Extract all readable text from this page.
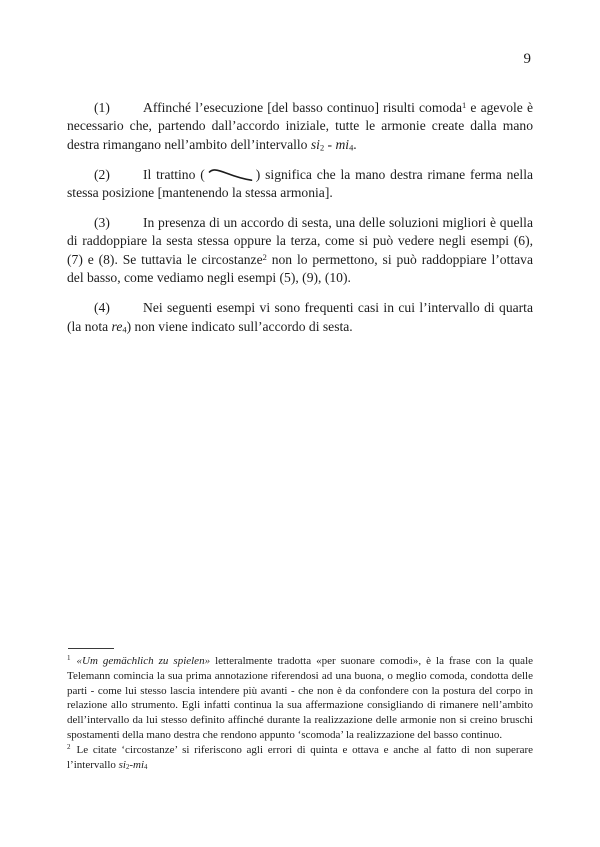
9

(1) Affinché l’esecuzione [del basso continuo] risulti comoda$^1$ e agevole è necessario che, partendo dall’accordo iniziale, tutte le armonie create dalla mano destra rimangano nell’ambito dell’intervallo si2 - mi4.

(2) Il trattino (	) significa che la mano destra rimane ferma nella stessa posizione [mantenendo la stessa armonia].

(3) In presenza di un accordo di sesta, una delle soluzioni migliori è quella di raddoppiare la sesta stessa oppure la terza, come si può vedere negli esempi (6), (7) e (8). Se tuttavia le circostanze$^2$ non lo permettono, si può raddoppiare l’ottava del basso, come vediamo negli esempi (5), (9), (10).

(4) Nei seguenti esempi vi sono frequenti casi in cui l’intervallo di quarta (la nota re4) non viene indicato sull’accordo di sesta.

$^1$ «Um gemächlich zu spielen» letteralmente tradotta «per suonare comodi», è la frase con la quale Telemann comincia la sua prima annotazione riferendosi ad una buona, o meglio comoda, condotta delle parti - come lui stesso lascia intendere più avanti - che non è da confondere con la postura del corpo in relazione allo strumento. Egli infatti continua la sua affermazione consigliando di rimanere nell’ambito dell’intervallo da lui stesso definito affinché durante la realizzazione delle armonie non si creino bruschi spostamenti della mano destra che rendono appunto ‘scomoda’ la realizzazione del basso continuo.

$^2$ Le citate ‘circostanze’ si riferiscono agli errori di quinta e ottava e anche al fatto di non superare l’intervallo si2-mi4
